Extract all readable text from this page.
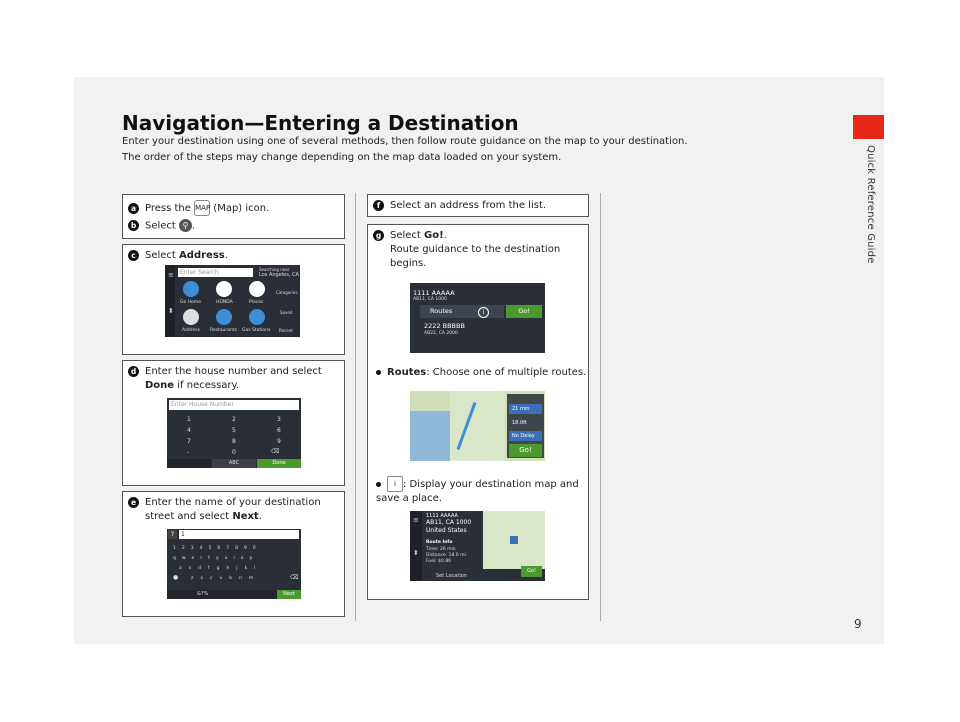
Quick Reference Guide
9
Navigation—Entering a Destination
Enter your destination using one of several methods, then follow route guidance on the map to your destination.
The order of the steps may change depending on the map data loaded on your system.
a Press the MAP (Map) icon.
b Select ⚲ .
c Select Address.
≡
⬍
Enter Search	Searching near
Los Angeles, CA
Go Home	HONDA	Places
Address Restaurants Gas Stations
Categories
Saved
Recent
d Enter the house number and select
Done if necessary.
Enter House Number
1	2	3
4	5	6
7	8	9
-	0	⌫
ABC	Done
e Enter the name of your destination
street and select Next.
?	1
1234567890
qwertyuiop
asdfghjkl
●	zxcvbnm	⌫
&?%	Next
f Select an address from the list.
g Select Go!.
Route guidance to the destination
begins.
1111 AAAAA
AB11, CA 1000
Routes	i	Go!
2222 BBBBB
AB22, CA 2000
Routes: Choose one of multiple routes.
21 min
18.0ft
No Delay
Go!
i : Display your destination map and
save a place.
≡
⬍
1111 AAAAA
AB11, CA 1000
United States
Route Info
Time: 26 min
Distance: 18.0 mi
Fuel: $0.86
Set Location
Go!
